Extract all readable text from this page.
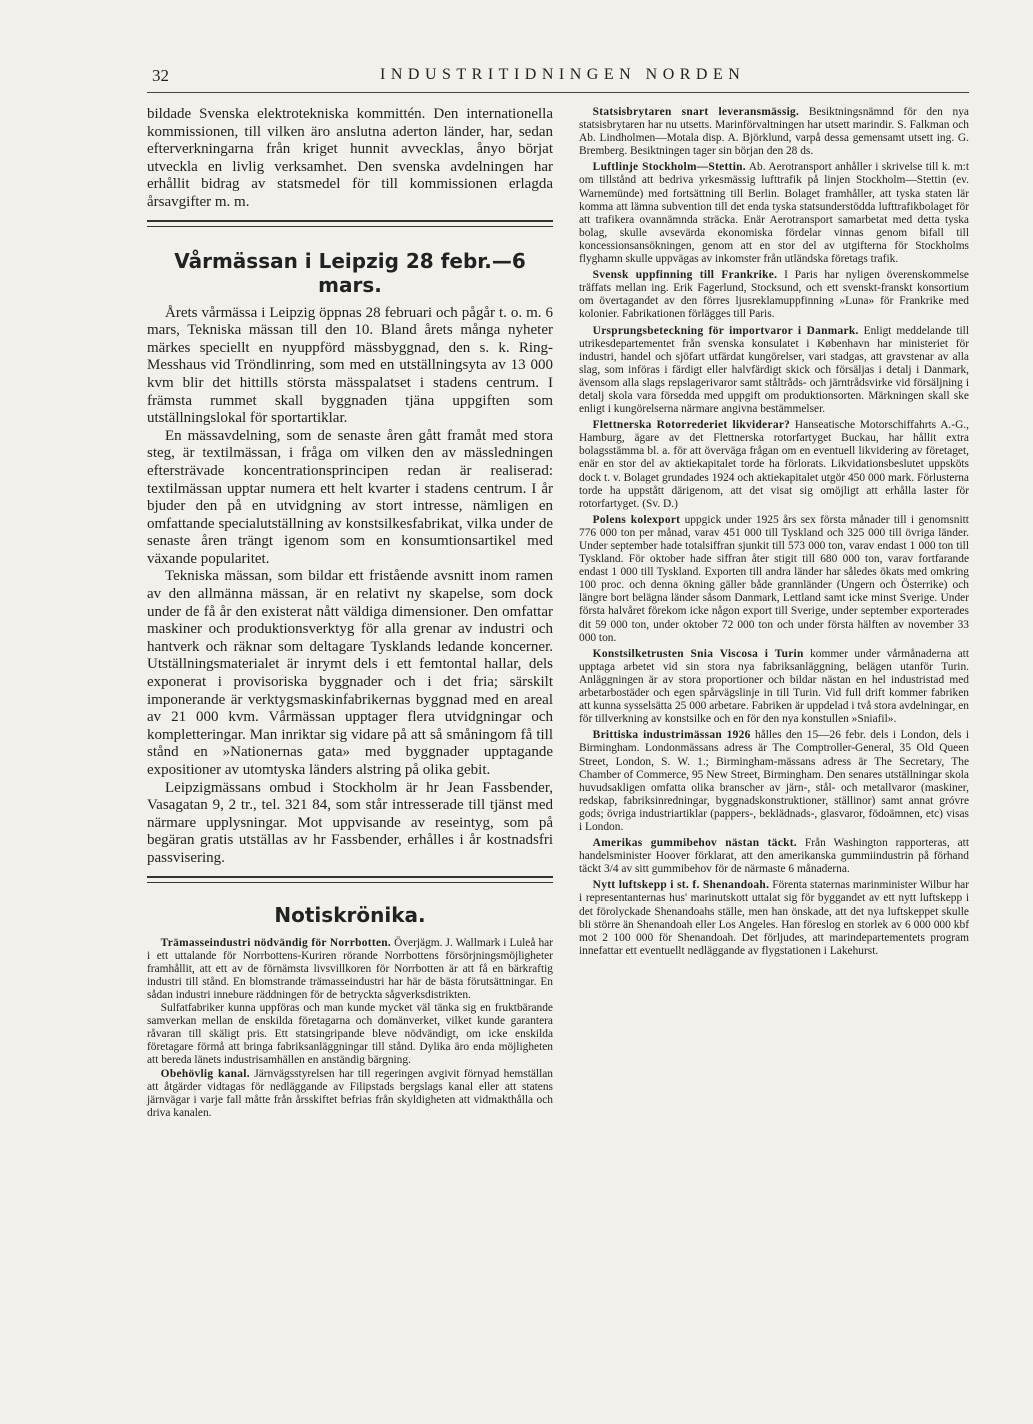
32	INDUSTRITIDNINGEN NORDEN

bildade Svenska elektrotekniska kommittén. Den internationella kommissionen, till vilken äro anslutna aderton länder, har, sedan efterverkningarna från kriget hunnit avvecklas, ånyo börjat utveckla en livlig verksamhet. Den svenska avdelningen har erhållit bidrag av statsmedel för till kommissionen erlagda årsavgifter m. m.

Vårmässan i Leipzig 28 febr.—6 mars.

Årets vårmässa i Leipzig öppnas 28 februari och pågår t. o. m. 6 mars, Tekniska mässan till den 10. Bland årets många nyheter märkes speciellt en nyuppförd mässbyggnad, den s. k. Ring-Messhaus vid Tröndlinring, som med en utställningsyta av 13 000 kvm blir det hittills största mässpalatset i stadens centrum. I främsta rummet skall byggnaden tjäna uppgiften som utställningslokal för sportartiklar.

En mässavdelning, som de senaste åren gått framåt med stora steg, är textilmässan, i fråga om vilken den av mässledningen eftersträvade koncentrationsprincipen redan är realiserad: textilmässan upptar numera ett helt kvarter i stadens centrum. I år bjuder den på en utvidgning av stort intresse, nämligen en omfattande specialutställning av konstsilkesfabrikat, vilka under de senaste åren trängt igenom som en konsumtionsartikel med växande popularitet.

Tekniska mässan, som bildar ett fristående avsnitt inom ramen av den allmänna mässan, är en relativt ny skapelse, som dock under de få år den existerat nått väldiga dimensioner. Den omfattar maskiner och produktionsverktyg för alla grenar av industri och hantverk och räknar som deltagare Tysklands ledande koncerner. Utställningsmaterialet är inrymt dels i ett femtontal hallar, dels exponerat i provisoriska byggnader och i det fria; särskilt imponerande är verktygsmaskinfabrikernas byggnad med en areal av 21 000 kvm. Vårmässan upptager flera utvidgningar och kompletteringar. Man inriktar sig vidare på att så småningom få till stånd en »Nationernas gata» med byggnader upptagande expositioner av utomtyska länders alstring på olika gebit.

Leipzigmässans ombud i Stockholm är hr Jean Fassbender, Vasagatan 9, 2 tr., tel. 321 84, som står intresserade till tjänst med närmare upplysningar. Mot uppvisande av reseintyg, som på begäran gratis utställas av hr Fassbender, erhålles i år kostnadsfri passvisering.

Notiskrönika.

Trämasseindustri nödvändig för Norrbotten. Överjägm. J. Wallmark i Luleå har i ett uttalande för Norrbottens-Kuriren rörande Norrbottens försörjningsmöjligheter framhållit, att ett av de förnämsta livsvillkoren för Norrbotten är att få en bärkraftig industri till stånd. En blomstrande trämasseindustri har här de bästa förutsättningar. En sådan industri innebure räddningen för de betryckta sågverksdistrikten.

Sulfatfabriker kunna uppföras och man kunde mycket väl tänka sig en fruktbärande samverkan mellan de enskilda företagarna och domänverket, vilket kunde garantera råvaran till skäligt pris. Ett statsingripande bleve nödvändigt, om icke enskilda företagare förmå att bringa fabriksanläggningar till stånd. Dylika äro enda möjligheten att bereda länets industrisamhällen en anständig bärgning.

Obehövlig kanal. Järnvägsstyrelsen har till regeringen avgivit förnyad hemställan att åtgärder vidtagas för nedläggande av Filipstads bergslags kanal eller att statens järnvägar i varje fall måtte från årsskiftet befrias från skyldigheten att vidmakthålla och driva kanalen.

Statsisbrytaren snart leveransmässig. Besiktningsnämnd för den nya statsisbrytaren har nu utsetts. Marinförvaltningen har utsett marindir. S. Falkman och Ab. Lindholmen—Motala disp. A. Björklund, varpå dessa gemensamt utsett ing. G. Bremberg. Besiktningen tager sin början den 28 ds.

Luftlinje Stockholm—Stettin. Ab. Aerotransport anhåller i skrivelse till k. m:t om tillstånd att bedriva yrkesmässig lufttrafik på linjen Stockholm—Stettin (ev. Warnemünde) med fortsättning till Berlin. Bolaget framhåller, att tyska staten lär komma att lämna subvention till det enda tyska statsunderstödda lufttrafikbolaget för att trafikera ovannämnda sträcka. Enär Aerotransport samarbetat med detta tyska bolag, skulle avsevärda ekonomiska fördelar vinnas genom bifall till koncessionsansökningen, genom att en stor del av utgifterna för Stockholms flyghamn skulle uppvägas av inkomster från utländska företags trafik.

Svensk uppfinning till Frankrike. I Paris har nyligen överenskommelse träffats mellan ing. Erik Fagerlund, Stocksund, och ett svenskt-franskt konsortium om övertagandet av den förres ljusreklamuppfinning »Luna» för Frankrike med kolonier. Fabrikationen förlägges till Paris.

Ursprungsbeteckning för importvaror i Danmark. Enligt meddelande till utrikesdepartementet från svenska konsulatet i København har ministeriet för industri, handel och sjöfart utfärdat kungörelser, vari stadgas, att gravstenar av alla slag, som införas i färdigt eller halvfärdigt skick och försäljas i detalj i Danmark, ävensom alla slags repslagerivaror samt ståltråds- och järntrådsvirke vid försäljning i detalj skola vara försedda med uppgift om produktionsorten. Märkningen skall ske enligt i kungörelserna närmare angivna bestämmelser.

Flettnerska Rotorrederiet likviderar? Hanseatische Motorschiffahrts A.-G., Hamburg, ägare av det Flettnerska rotorfartyget Buckau, har hållit extra bolagsstämma bl. a. för att överväga frågan om en eventuell likvidering av företaget, enär en stor del av aktiekapitalet torde ha förlorats. Likvidationsbeslutet uppsköts dock t. v. Bolaget grundades 1924 och aktiekapitalet utgör 450 000 mark. Förlusterna torde ha uppstått därigenom, att det visat sig omöjligt att erhålla laster för rotorfartyget. (Sv. D.)

Polens kolexport uppgick under 1925 års sex första månader till i genomsnitt 776 000 ton per månad, varav 451 000 till Tyskland och 325 000 till övriga länder. Under september hade totalsiffran sjunkit till 573 000 ton, varav endast 1 000 ton till Tyskland. För oktober hade siffran åter stigit till 680 000 ton, varav fortfarande endast 1 000 till Tyskland. Exporten till andra länder har således ökats med omkring 100 proc. och denna ökning gäller både grannländer (Ungern och Österrike) och längre bort belägna länder såsom Danmark, Lettland samt icke minst Sverige. Under första halvåret förekom icke någon export till Sverige, under september exporterades dit 59 000 ton, under oktober 72 000 ton och under första hälften av november 33 000 ton.

Konstsilketrusten Snia Viscosa i Turin kommer under vårmånaderna att upptaga arbetet vid sin stora nya fabriksanläggning, belägen utanför Turin. Anläggningen är av stora proportioner och bildar nästan en hel industristad med arbetarbostäder och egen spårvägslinje in till Turin. Vid full drift kommer fabriken att kunna sysselsätta 25 000 arbetare. Fabriken är uppdelad i två stora avdelningar, en för tillverkning av konstsilke och en för den nya konstullen »Sniafil».

Brittiska industrimässan 1926 hålles den 15—26 febr. dels i London, dels i Birmingham. Londonmässans adress är The Comptroller-General, 35 Old Queen Street, London, S. W. 1.; Birmingham-mässans adress är The Secretary, The Chamber of Commerce, 95 New Street, Birmingham. Den senares utställningar skola huvudsakligen omfatta olika branscher av järn-, stål- och metallvaror (maskiner, redskap, fabriksinredningar, byggnadskonstruktioner, ställinor) samt annat gróvre gods; övriga industriartiklar (pappers-, beklädnads-, glasvaror, födoämnen, etc) visas i London.

Amerikas gummibehov nästan täckt. Från Washington rapporteras, att handelsminister Hoover förklarat, att den amerikanska gummiindustrin på förhand täckt 3/4 av sitt gummibehov för de närmaste 6 månaderna.

Nytt luftskepp i st. f. Shenandoah. Förenta staternas marinminister Wilbur har i representanternas hus' marinutskott uttalat sig för byggandet av ett nytt luftskepp i det förolyckade Shenandoahs ställe, men han önskade, att det nya luftskeppet skulle bli större än Shenandoah eller Los Angeles. Han föreslog en storlek av 6 000 000 kbf mot 2 100 000 för Shenandoah. Det förljudes, att marindepartementets program innefattar ett eventuellt nedläggande av flygstationen i Lakehurst.
